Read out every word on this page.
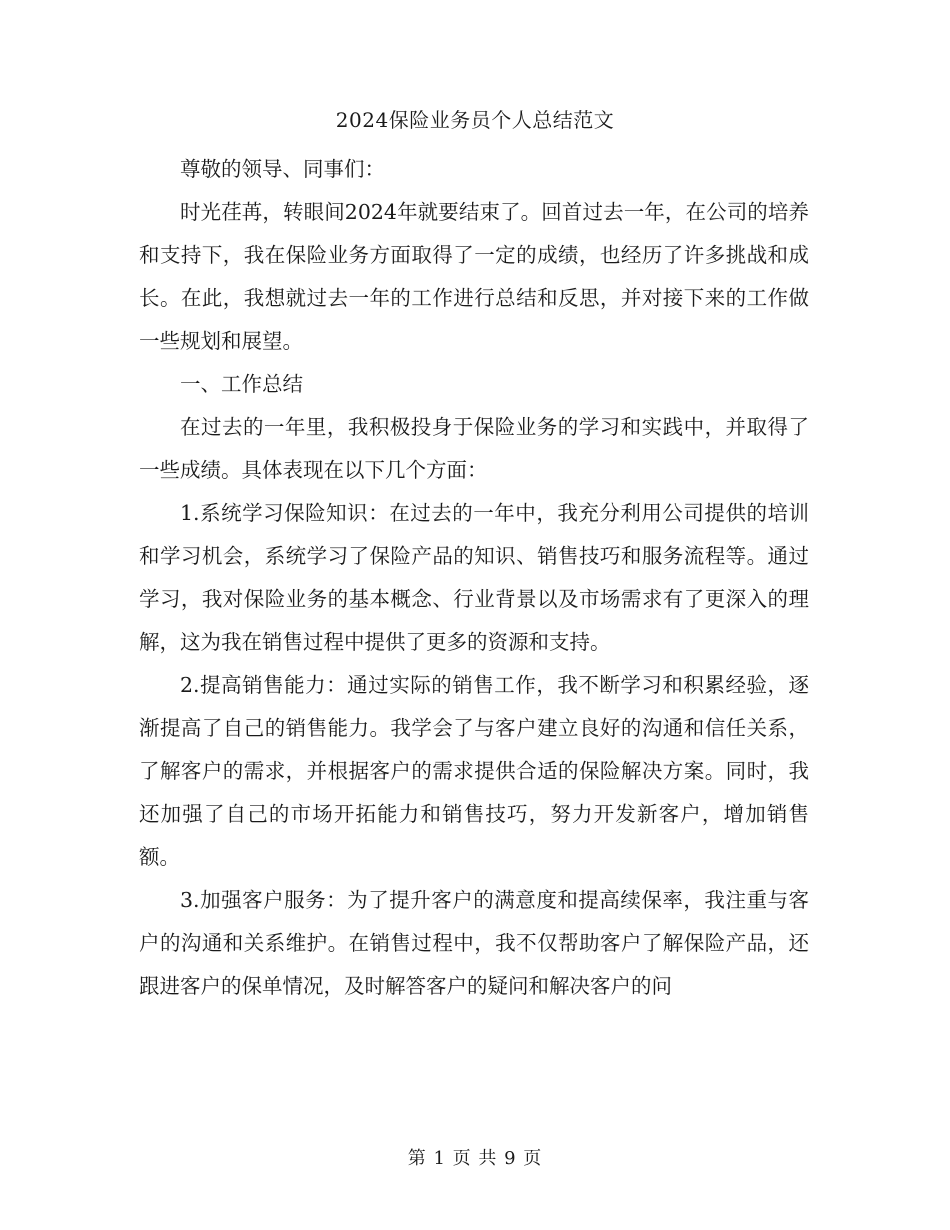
2024保险业务员个人总结范文

尊敬的领导、同事们：

时光荏苒，转眼间2024年就要结束了。回首过去一年，在公司的培养和支持下，我在保险业务方面取得了一定的成绩，也经历了许多挑战和成长。在此，我想就过去一年的工作进行总结和反思，并对接下来的工作做一些规划和展望。

一、工作总结

在过去的一年里，我积极投身于保险业务的学习和实践中，并取得了一些成绩。具体表现在以下几个方面：

1.系统学习保险知识：在过去的一年中，我充分利用公司提供的培训和学习机会，系统学习了保险产品的知识、销售技巧和服务流程等。通过学习，我对保险业务的基本概念、行业背景以及市场需求有了更深入的理解，这为我在销售过程中提供了更多的资源和支持。

2.提高销售能力：通过实际的销售工作，我不断学习和积累经验，逐渐提高了自己的销售能力。我学会了与客户建立良好的沟通和信任关系，了解客户的需求，并根据客户的需求提供合适的保险解决方案。同时，我还加强了自己的市场开拓能力和销售技巧，努力开发新客户，增加销售额。

3.加强客户服务：为了提升客户的满意度和提高续保率，我注重与客户的沟通和关系维护。在销售过程中，我不仅帮助客户了解保险产品，还跟进客户的保单情况，及时解答客户的疑问和解决客户的问

第 1 页 共 9 页
